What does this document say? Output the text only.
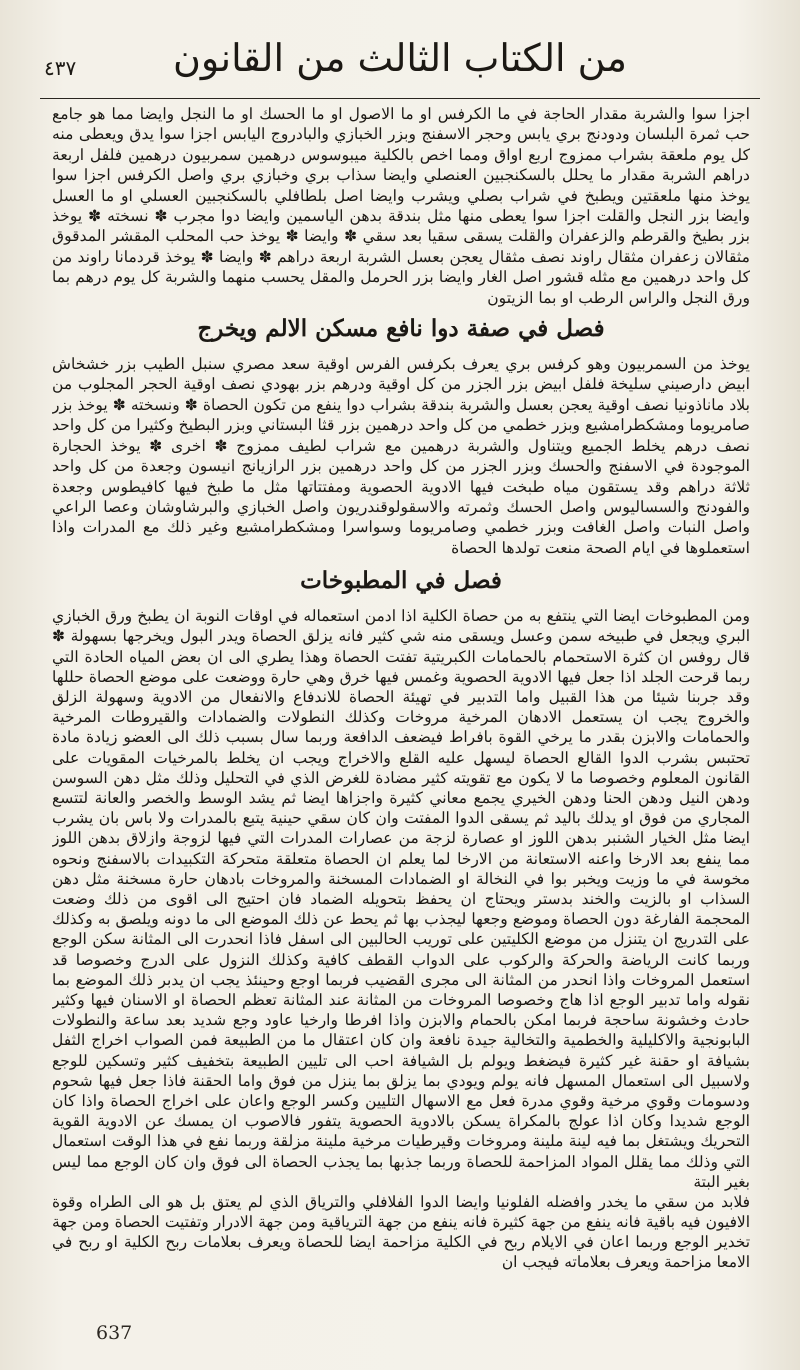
٤٣٧	من الكتاب الثالث من القانون

اجزا سوا والشربة مقدار الحاجة في ما الكرفس او ما الاصول او ما الحسك او ما النجل وايضا مما هو جامع حب ثمرة البلسان ودودنج بري يابس وحجر الاسفنج وبزر الخبازي والبادروج اليابس اجزا سوا يدق ويعطى منه كل يوم ملعقة بشراب ممزوج اربع اواق ومما اخص بالكلية ميبوسوس درهمين سمربيون درهمين فلفل اربعة دراهم الشربة مقدار ما يحلل بالسكنجبين العنصلي وايضا سذاب بري وخبازي بري واصل الكرفس اجزا سوا يوخذ منها ملعقتين ويطبخ في شراب بصلي ويشرب وايضا اصل بلطافلي بالسكنجبين العسلي او ما العسل وايضا بزر النجل والقلت اجزا سوا يعطى منها مثل بندقة بدهن الياسمين وايضا دوا مجرب ✽ نسخته ✽ يوخذ بزر بطيخ والقرطم والزعفران والقلت يسقى سقيا بعد سقي ✽ وايضا ✽ يوخذ حب المحلب المقشر المدقوق مثقالان زعفران مثقال راوند نصف مثقال يعجن بعسل الشربة اربعة دراهم ✽ وايضا ✽ يوخذ قردمانا راوند من كل واحد درهمين مع مثله قشور اصل الغار وايضا بزر الحرمل والمقل يحسب منهما والشربة كل يوم درهم بما ورق النجل والراس الرطب او بما الزيتون

فصل في صفة دوا نافع مسكن الالم ويخرج

يوخذ من السمربيون وهو كرفس بري يعرف بكرفس الفرس اوقية سعد مصري سنبل الطيب بزر خشخاش ابيض دارصيني سليخة فلفل ابيض بزر الجزر من كل اوقية ودرهم بزر بهودي نصف اوقية الحجر المجلوب من بلاد ماناذونيا نصف اوقية يعجن بعسل والشربة بندقة بشراب دوا ينفع من تكون الحصاة ✽ ونسخته ✽ يوخذ بزر صامريوما ومشكطرامشيع وبزر خطمي من كل واحد درهمين بزر قثا البستاني وبزر البطيخ وكثيرا من كل واحد نصف درهم يخلط الجميع ويتناول والشربة درهمين مع شراب لطيف ممزوج ✽ اخرى ✽ يوخذ الحجارة الموجودة في الاسفنج والحسك وبزر الجزر من كل واحد درهمين بزر الرازيانج انيسون وجعدة من كل واحد ثلاثة دراهم وقد يستقون مياه طبخت فيها الادوية الحصوية ومفتتاتها مثل ما طبخ فيها كافيطوس وجعدة والفودنج والسساليوس واصل الحسك وثمرته والاسقولوقندريون واصل الخبازي والبرشاوشان وعصا الراعي واصل النبات واصل الغافت وبزر خطمي وصامريوما وسواسرا ومشكطرامشيع وغير ذلك مع المدرات واذا استعملوها في ايام الصحة منعت تولدها الحصاة

فصل في المطبوخات

ومن المطبوخات ايضا التي ينتفع به من حصاة الكلية اذا ادمن استعماله في اوقات النوبة ان يطبخ ورق الخبازي البري ويجعل في طبيخه سمن وعسل ويسقى منه شي كثير فانه يزلق الحصاة ويدر البول ويخرجها بسهولة ✽ قال روفس ان كثرة الاستحمام بالحمامات الكبريتية تفتت الحصاة وهذا يطري الى ان بعض المياه الحادة التي ربما قرحت الجلد اذا جعل فيها الادوية الحصوية وغمس فيها خرق وهي حارة ووضعت على موضع الحصاة حللها وقد جربنا شيئا من هذا القبيل واما التدبير في تهيئة الحصاة للاندفاع والانفعال من الادوية وسهولة الزلق والخروج يجب ان يستعمل الادهان المرخية مروخات وكذلك النطولات والضمادات والقيروطات المرخية والحمامات والابزن بقدر ما يرخي القوة بافراط فيضعف الدافعة وربما سال بسبب ذلك الى العضو زيادة مادة تحتبس بشرب الدوا القالع الحصاة ليسهل عليه القلع والاخراج ويجب ان يخلط بالمرخيات المقويات على القانون المعلوم وخصوصا ما لا يكون مع تقويته كثير مضادة للغرض الذي في التحليل وذلك مثل دهن السوسن ودهن النيل ودهن الحنا ودهن الخيري يجمع معاني كثيرة واجزاها ايضا ثم يشد الوسط والخصر والعانة لتتسع المجاري من فوق او يدلك باليد ثم يسقى الدوا المفتت وان كان سقي حينية يتبع بالمدرات ولا باس بان يشرب ايضا مثل الخيار الشنبر بدهن اللوز او عصارة لزجة من عصارات المدرات التي فيها لزوجة وازلاق بدهن اللوز مما ينفع بعد الارخا واعنه الاستعانة من الارخا لما يعلم ان الحصاة متعلقة متحركة التكبيدات بالاسفنج ونحوه مخوسة في ما وزيت ويخبر بوا في النخالة او الضمادات المسخنة والمروخات بادهان حارة مسخنة مثل دهن السذاب او بالزيت والخند بدستر ويحتاج ان يحفظ بتحويله الضماد فان احتيج الى اقوى من ذلك وضعت المحجمة الفارغة دون الحصاة وموضع وجعها ليجذب بها ثم يحط عن ذلك الموضع الى ما دونه ويلصق به وكذلك على التدريج ان يتنزل من موضع الكليتين على توريب الحالبين الى اسفل فاذا انحدرت الى المثانة سكن الوجع وربما كانت الرياضة والحركة والركوب على الدواب القطف كافية وكذلك النزول على الدرج وخصوصا قد استعمل المروخات واذا انحدر من المثانة الى مجرى القضيب فربما اوجع وحينئذ يجب ان يدبر ذلك الموضع بما نقوله واما تدبير الوجع اذا هاج وخصوصا المروخات من المثانة عند المثانة تعظم الحصاة او الاسنان فيها وكثير حادث وخشونة ساحجة فربما امكن بالحمام والابزن واذا افرطا وارخيا عاود وجع شديد بعد ساعة والنطولات البابونجية والاكليلية والخطمية والتخالية جيدة نافعة وان كان اعتقال ما من الطبيعة فمن الصواب اخراج الثفل بشيافة او حقنة غير كثيرة فيضغط ويولم بل الشيافة احب الى تليين الطبيعة بتخفيف كثير وتسكين للوجع ولاسبيل الى استعمال المسهل فانه يولم ويودي بما يزلق بما ينزل من فوق واما الحقنة فاذا جعل فيها شحوم ودسومات وقوي مرخية وقوي مدرة فعل مع الاسهال التليين وكسر الوجع واعان على اخراج الحصاة واذا كان الوجع شديدا وكان اذا عولج بالمكراة يسكن بالادوية الحصوية يتفور فالاصوب ان يمسك عن الادوية القوية التحريك ويشتغل بما فيه لينة ملينة ومروخات وقيرطيات مرخية ملينة مزلقة وربما نفع في هذا الوقت استعمال التي وذلك مما يقلل المواد المزاحمة للحصاة وربما جذبها بما يجذب الحصاة الى فوق وان كان الوجع مما ليس بغير البتة

فلابد من سقي ما يخدر وافضله الفلونيا وايضا الدوا الفلافلي والترياق الذي لم يعتق بل هو الى الطراه وقوة الافيون فيه باقية فانه ينفع من جهة كثيرة فانه ينفع من جهة الترياقية ومن جهة الادرار وتفتيت الحصاة ومن جهة تخدير الوجع وربما اعان في الايلام ربح في الكلية مزاحمة ايضا للحصاة ويعرف بعلامات ربح الكلية او ربح في الامعا مزاحمة ويعرف بعلاماته فيجب ان

637
